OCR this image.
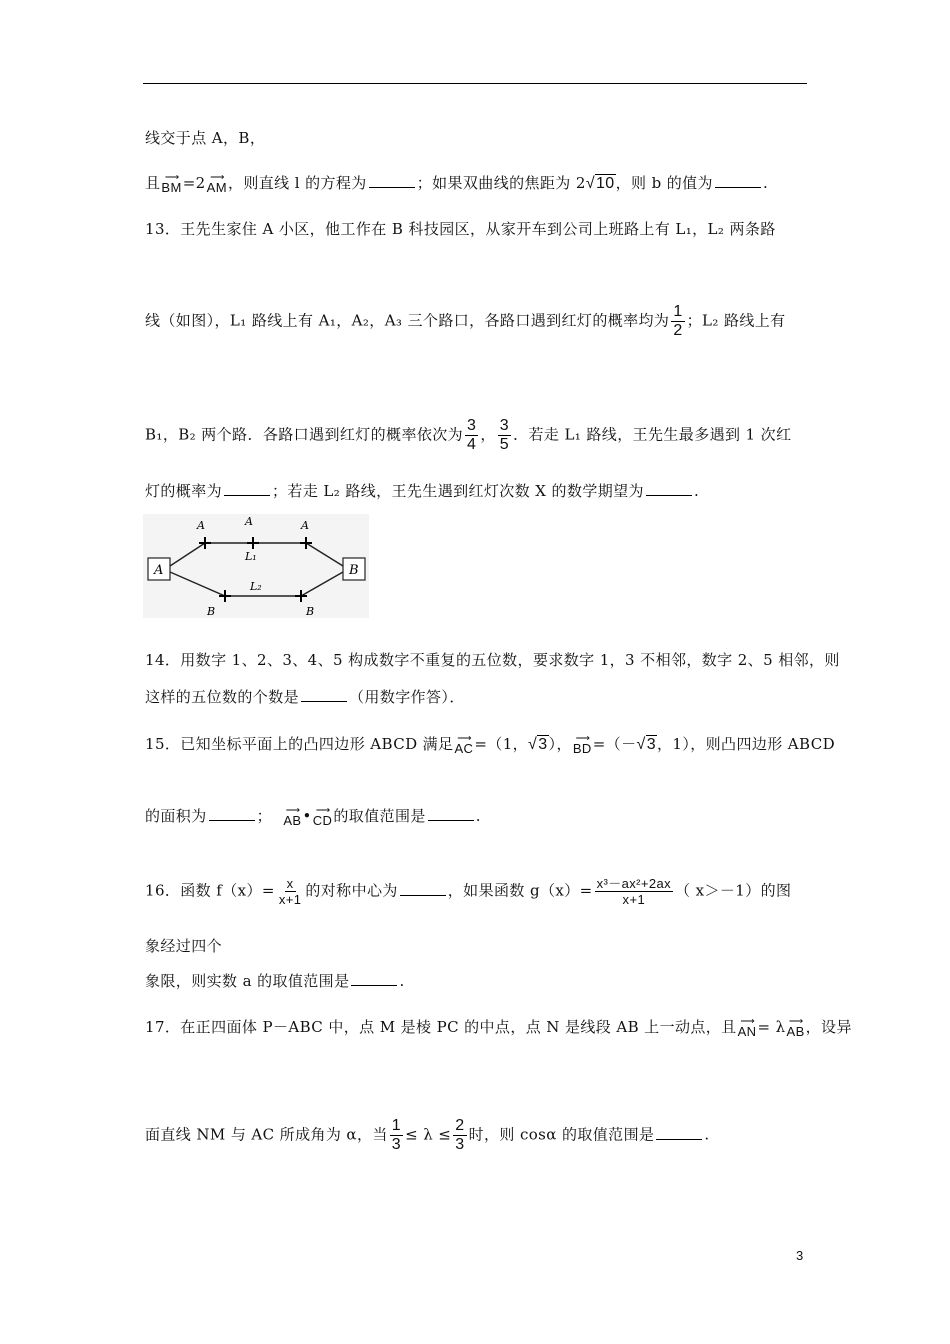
线交于点 A，B，
且 ⟶
BM =2 ⟶
AM ，则直线 l 的方程为	；如果双曲线的焦距为 2√10，则 b 的值为	.
13．王先生家住 A 小区，他工作在 B 科技园区，从家开车到公司上班路上有 L₁，L₂ 两条路
线（如图），L₁ 路线上有 A₁，A₂，A₃ 三个路口，各路口遇到红灯的概率均为 $\frac{1}{2}$ ；L₂ 路线上有
B₁，B₂ 两个路．各路口遇到红灯的概率依次为 $\frac{3}{4}$ ， $\frac{3}{5}$ ．若走 L₁ 路线，王先生最多遇到 1 次红
灯的概率为	；若走 L₂ 路线，王先生遇到红灯次数 X 的数学期望为	.
A	B
A	A	A
L₁
L₂
B	B
14．用数字 1、2、3、4、5 构成数字不重复的五位数，要求数字 1，3 不相邻，数字 2、5 相邻，则
这样的五位数的个数是	（用数字作答）．
15．已知坐标平面上的凸四边形 ABCD 满足 ⟶
AC =（1，√3）， ⟶
BD =（－√3，1），则凸四边形 ABCD
的面积为	； ⟶
AB • ⟶
CD 的取值范围是	.
16．函数 $f(x)= \frac{x}{x+1}$ 的对称中心为	，如果函数 $g(x)= \frac{\text{x³－ax²+2ax}}{x+1}$ （ x＞－1）的图
象经过四个
象限，则实数 a 的取值范围是	.
17．在正四面体 P－ABC 中，点 M 是棱 PC 的中点，点 N 是线段 AB 上一动点，且 ⟶
AN = λ ⟶
AB ，设异
面直线 NM 与 AC 所成角为 α，当 $\frac{1}{3} \le \lambda \le \frac{2}{3}$ 时，则 cosα 的取值范围是	.
3
